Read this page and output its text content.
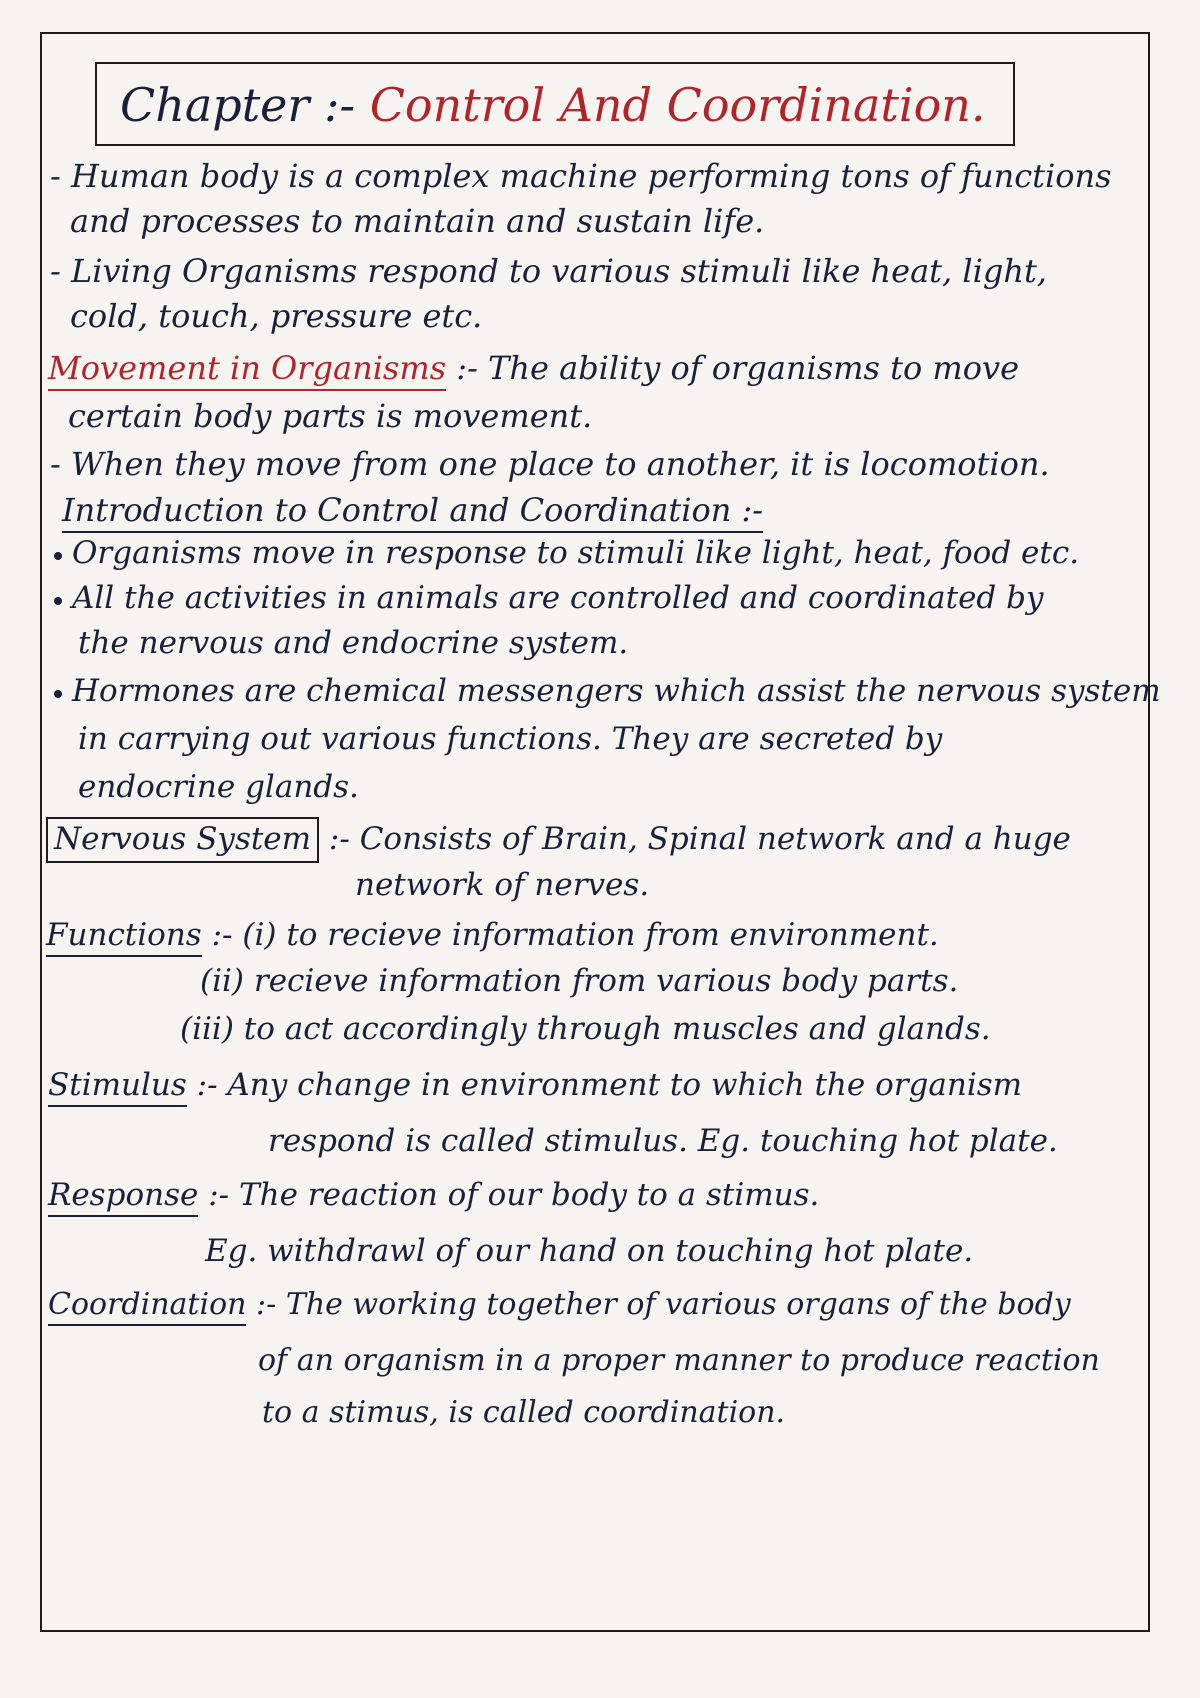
Chapter :- Control And Coordination.
- Human body is a complex machine performing tons of functions
and processes to maintain and sustain life.
- Living Organisms respond to various stimuli like heat, light,
cold, touch, pressure etc.
Movement in Organisms :- The ability of organisms to move
certain body parts is movement.
- When they move from one place to another, it is locomotion.
Introduction to Control and Coordination :-
Organisms move in response to stimuli like light, heat, food etc.
All the activities in animals are controlled and coordinated by
the nervous and endocrine system.
Hormones are chemical messengers which assist the nervous system
in carrying out various functions. They are secreted by
endocrine glands.
Nervous System :- Consists of Brain, Spinal network and a huge
network of nerves.
Functions :- (i) to recieve information from environment.
(ii) recieve information from various body parts.
(iii) to act accordingly through muscles and glands.
Stimulus :- Any change in environment to which the organism
respond is called stimulus. Eg. touching hot plate.
Response :- The reaction of our body to a stimus.
Eg. withdrawl of our hand on touching hot plate.
Coordination :- The working together of various organs of the body
of an organism in a proper manner to produce reaction
to a stimus, is called coordination.
